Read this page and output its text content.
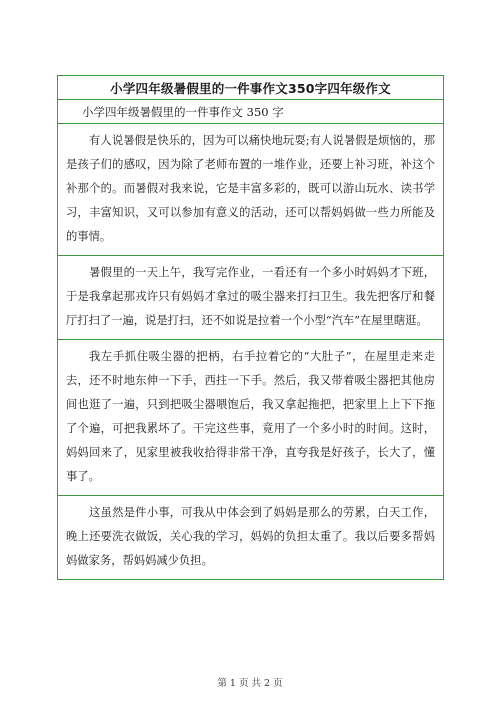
小学四年级暑假里的一件事作文350字四年级作文
小学四年级暑假里的一件事作文 350 字
有人说暑假是快乐的，因为可以痛快地玩耍;有人说暑假是烦恼的，那是孩子们的感叹，因为除了老师布置的一堆作业，还要上补习班，补这个补那个的。而暑假对我来说，它是丰富多彩的，既可以游山玩水、读书学习，丰富知识，又可以参加有意义的活动，还可以帮妈妈做一些力所能及的事情。
暑假里的一天上午，我写完作业，一看还有一个多小时妈妈才下班，于是我拿起那戎许只有妈妈才拿过的吸尘器来打扫卫生。我先把客厅和餐厅打扫了一遍，说是打扫，还不如说是拉着一个小型“汽车”在屋里瞎逛。
我左手抓住吸尘器的把柄，右手拉着它的“大肚子”，在屋里走来走去，还不时地东伸一下手，西拄一下手。然后，我又带着吸尘器把其他房间也逛了一遍，只到把吸尘器喂饱后，我又拿起拖把，把家里上上下下拖了个遍，可把我累坏了。干完这些事，竟用了一个多小时的时间。这时，妈妈回来了，见家里被我收拾得非常干净，直夸我是好孩子，长大了，懂事了。
这虽然是件小事，可我从中体会到了妈妈是那么的劳累，白天工作，晚上还要洗衣做饭，关心我的学习，妈妈的负担太重了。我以后要多帮妈妈做家务，帮妈妈减少负担。
第 1 页 共 2 页
